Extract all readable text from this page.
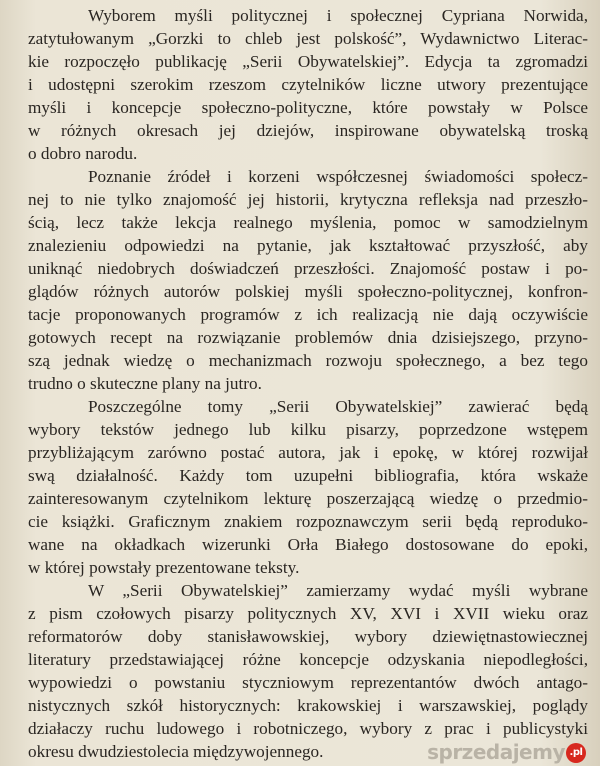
Wyborem myśli politycznej i społecznej Cypriana Norwida,
zatytułowanym „Gorzki to chleb jest polskość”, Wydawnictwo Literac-
kie rozpoczęło publikację „Serii Obywatelskiej”. Edycja ta zgromadzi
i udostępni szerokim rzeszom czytelników liczne utwory prezentujące
myśli i koncepcje społeczno-polityczne, które powstały w Polsce
w różnych okresach jej dziejów, inspirowane obywatelską troską
o dobro narodu.
Poznanie źródeł i korzeni współczesnej świadomości społecz-
nej to nie tylko znajomość jej historii, krytyczna refleksja nad przeszło-
ścią, lecz także lekcja realnego myślenia, pomoc w samodzielnym
znalezieniu odpowiedzi na pytanie, jak kształtować przyszłość, aby
uniknąć niedobrych doświadczeń przeszłości. Znajomość postaw i po-
glądów różnych autorów polskiej myśli społeczno-politycznej, konfron-
tacje proponowanych programów z ich realizacją nie dają oczywiście
gotowych recept na rozwiązanie problemów dnia dzisiejszego, przyno-
szą jednak wiedzę o mechanizmach rozwoju społecznego, a bez tego
trudno o skuteczne plany na jutro.
Poszczególne tomy „Serii Obywatelskiej” zawierać będą
wybory tekstów jednego lub kilku pisarzy, poprzedzone wstępem
przybliżającym zarówno postać autora, jak i epokę, w której rozwijał
swą działalność. Każdy tom uzupełni bibliografia, która wskaże
zainteresowanym czytelnikom lekturę poszerzającą wiedzę o przedmio-
cie książki. Graficznym znakiem rozpoznawczym serii będą reproduko-
wane na okładkach wizerunki Orła Białego dostosowane do epoki,
w której powstały prezentowane teksty.
W „Serii Obywatelskiej” zamierzamy wydać myśli wybrane
z pism czołowych pisarzy politycznych XV, XVI i XVII wieku oraz
reformatorów doby stanisławowskiej, wybory dziewiętnastowiecznej
literatury przedstawiającej różne koncepcje odzyskania niepodległości,
wypowiedzi o powstaniu styczniowym reprezentantów dwóch antago-
nistycznych szkół historycznych: krakowskiej i warszawskiej, poglądy
działaczy ruchu ludowego i robotniczego, wybory z prac i publicystyki
okresu dwudziestolecia międzywojennego.	sprzedajemy .pl
